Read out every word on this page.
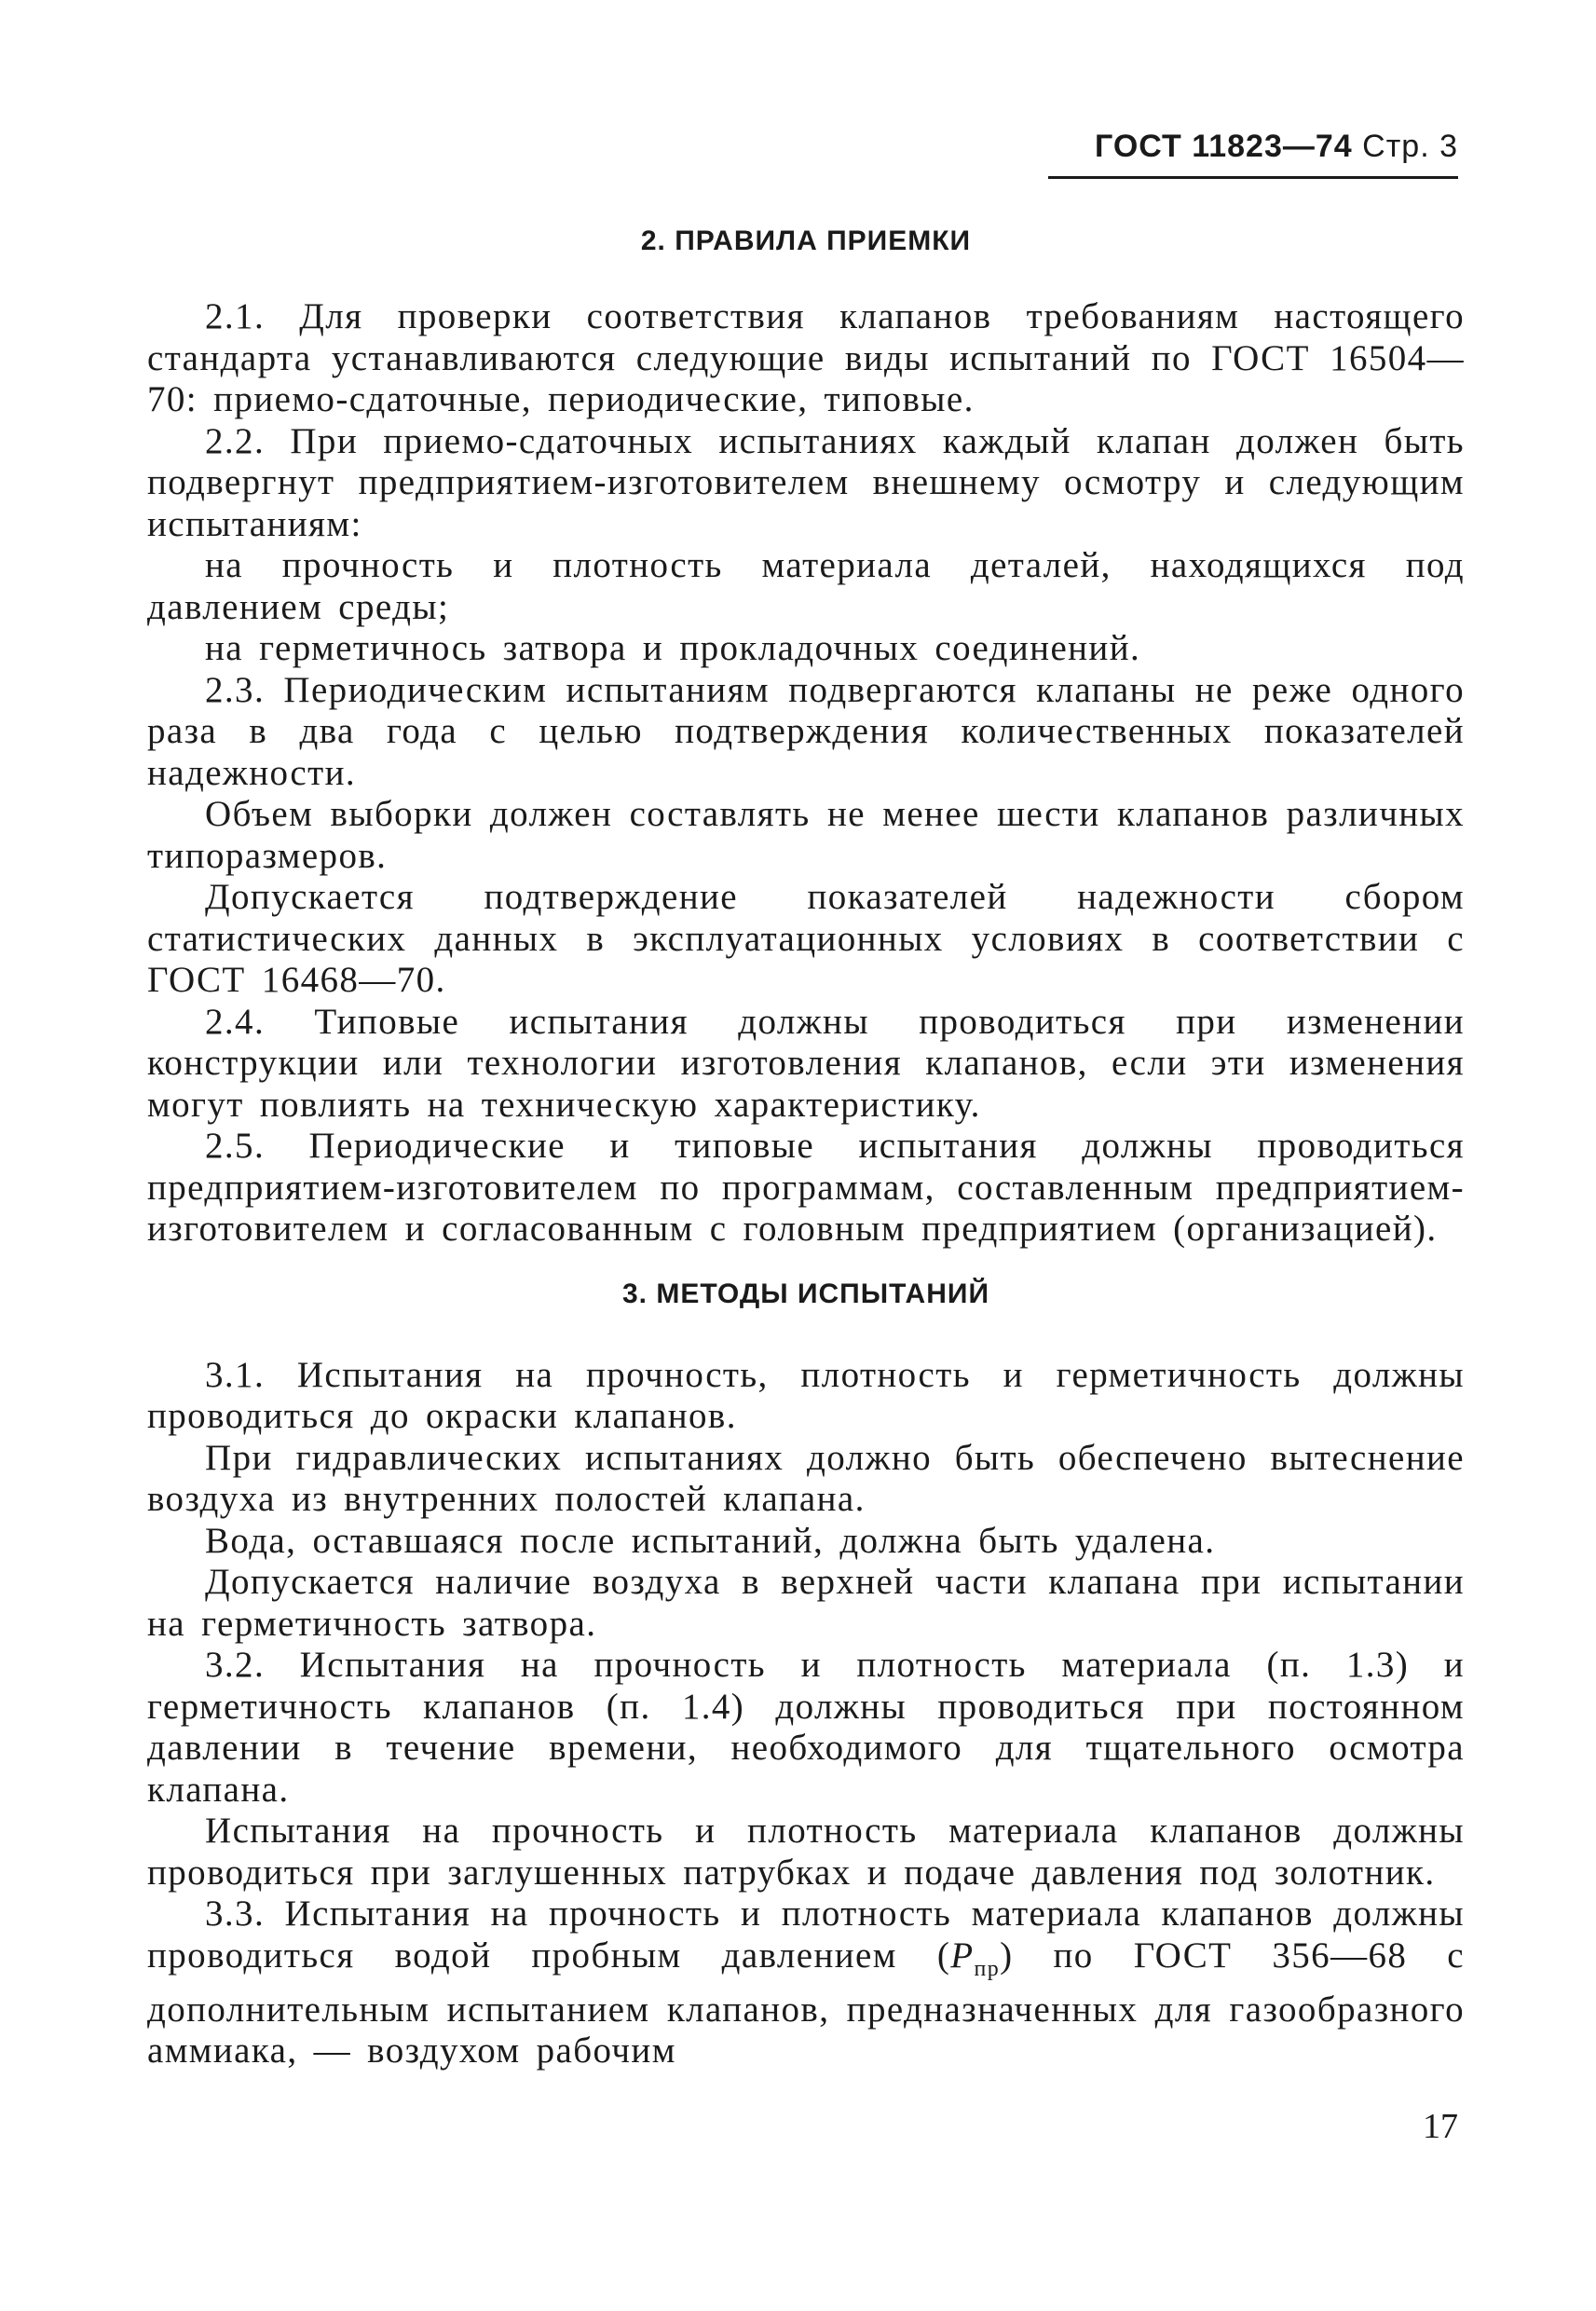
ГОСТ 11823—74 Стр. 3
2. ПРАВИЛА ПРИЕМКИ

2.1. Для проверки соответствия клапанов требованиям настоящего стандарта устанавливаются следующие виды испытаний по ГОСТ 16504—70: приемо-сдаточные, периодические, типовые.

2.2. При приемо-сдаточных испытаниях каждый клапан должен быть подвергнут предприятием-изготовителем внешнему осмотру и следующим испытаниям:

на прочность и плотность материала деталей, находящихся под давлением среды;

на герметичнось затвора и прокладочных соединений.

2.3. Периодическим испытаниям подвергаются клапаны не реже одного раза в два года с целью подтверждения количественных показателей надежности.

Объем выборки должен составлять не менее шести клапанов различных типоразмеров.

Допускается подтверждение показателей надежности сбором статистических данных в эксплуатационных условиях в соответствии с ГОСТ 16468—70.

2.4. Типовые испытания должны проводиться при изменении конструкции или технологии изготовления клапанов, если эти изменения могут повлиять на техническую характеристику.

2.5. Периодические и типовые испытания должны проводиться предприятием-изготовителем по программам, составленным предприятием-изготовителем и согласованным с головным предприятием (организацией).

3. МЕТОДЫ ИСПЫТАНИЙ

3.1. Испытания на прочность, плотность и герметичность должны проводиться до окраски клапанов.

При гидравлических испытаниях должно быть обеспечено вытеснение воздуха из внутренних полостей клапана.

Вода, оставшаяся после испытаний, должна быть удалена.

Допускается наличие воздуха в верхней части клапана при испытании на герметичность затвора.

3.2. Испытания на прочность и плотность материала (п. 1.3) и герметичность клапанов (п. 1.4) должны проводиться при постоянном давлении в течение времени, необходимого для тщательного осмотра клапана.

Испытания на прочность и плотность материала клапанов должны проводиться при заглушенных патрубках и подаче давления под золотник.

3.3. Испытания на прочность и плотность материала клапанов должны проводиться водой пробным давлением $(P_{пр})$ по ГОСТ 356—68 с дополнительным испытанием клапанов, предназначенных для газообразного аммиака, — воздухом рабочим

17
